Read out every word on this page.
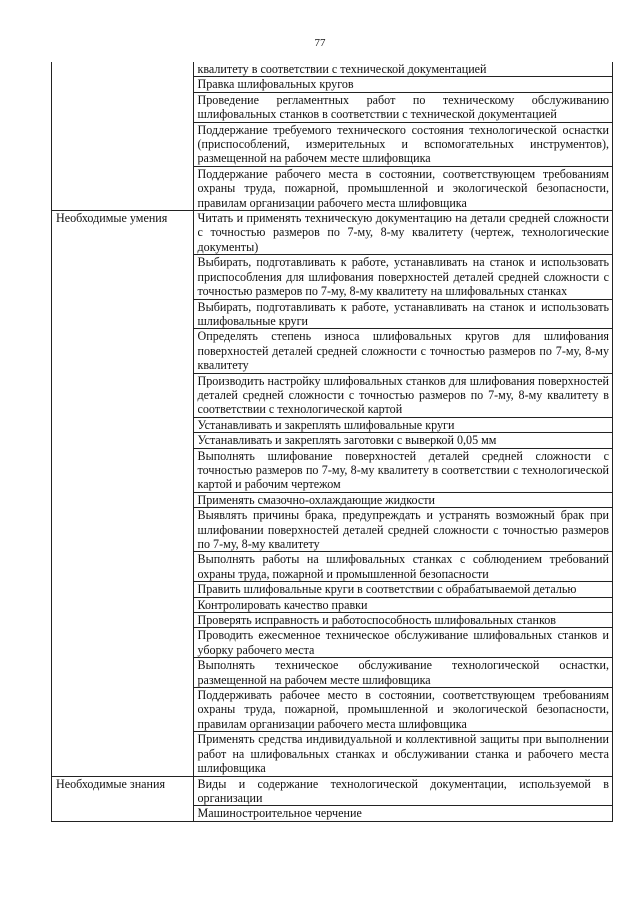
77
	квалитету в соответствии с технической документацией
	Правка шлифовальных кругов
	Проведение регламентных работ по техническому обслуживанию шлифовальных станков в соответствии с технической документацией
	Поддержание требуемого технического состояния технологической оснастки (приспособлений, измерительных и вспомогательных инструментов), размещенной на рабочем месте шлифовщика
	Поддержание рабочего места в состоянии, соответствующем требованиям охраны труда, пожарной, промышленной и экологической безопасности, правилам организации рабочего места шлифовщика
Необходимые умения	Читать и применять техническую документацию на детали средней сложности с точностью размеров по 7-му, 8-му квалитету (чертеж, технологические документы)
	Выбирать, подготавливать к работе, устанавливать на станок и использовать приспособления для шлифования поверхностей деталей средней сложности с точностью размеров по 7-му, 8-му квалитету на шлифовальных станках
	Выбирать, подготавливать к работе, устанавливать на станок и использовать шлифовальные круги
	Определять степень износа шлифовальных кругов для шлифования поверхностей деталей средней сложности с точностью размеров по 7-му, 8-му квалитету
	Производить настройку шлифовальных станков для шлифования поверхностей деталей средней сложности с точностью размеров по 7-му, 8-му квалитету в соответствии с технологической картой
	Устанавливать и закреплять шлифовальные круги
	Устанавливать и закреплять заготовки с выверкой 0,05 мм
	Выполнять шлифование поверхностей деталей средней сложности с точностью размеров по 7-му, 8-му квалитету в соответствии с технологической картой и рабочим чертежом
	Применять смазочно-охлаждающие жидкости
	Выявлять причины брака, предупреждать и устранять возможный брак при шлифовании поверхностей деталей средней сложности с точностью размеров по 7-му, 8-му квалитету
	Выполнять работы на шлифовальных станках с соблюдением требований охраны труда, пожарной и промышленной безопасности
	Править шлифовальные круги в соответствии с обрабатываемой деталью
	Контролировать качество правки
	Проверять исправность и работоспособность шлифовальных станков
	Проводить ежесменное техническое обслуживание шлифовальных станков и уборку рабочего места
	Выполнять техническое обслуживание технологической оснастки, размещенной на рабочем месте шлифовщика
	Поддерживать рабочее место в состоянии, соответствующем требованиям охраны труда, пожарной, промышленной и экологической безопасности, правилам организации рабочего места шлифовщика
	Применять средства индивидуальной и коллективной защиты при выполнении работ на шлифовальных станках и обслуживании станка и рабочего места шлифовщика
Необходимые знания	Виды и содержание технологической документации, используемой в организации
	Машиностроительное черчение
